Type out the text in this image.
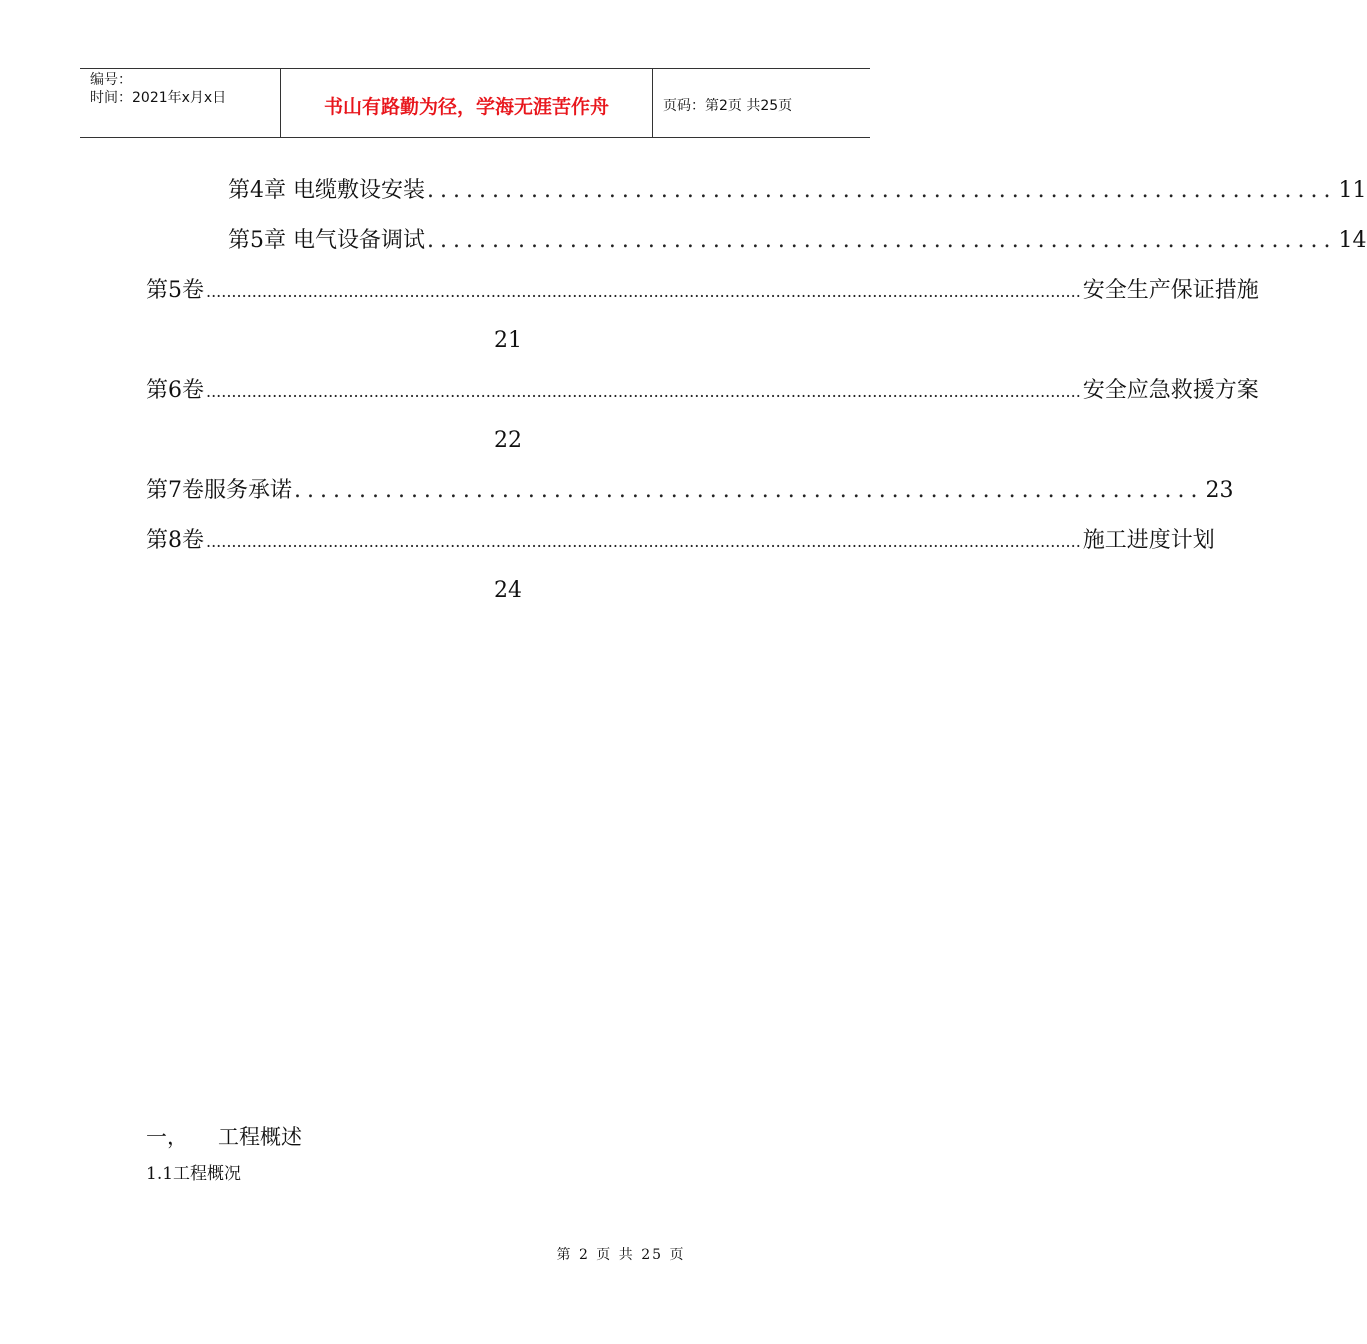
编号：
时间：2021年x月x日	书山有路勤为径，学海无涯苦作舟	页码：第2页 共25页
第4章 电缆敷设安装 ...................................................................... 11
第5章 电气设备调试 ...................................................................... 14
第5卷 ............................................................................................................................................................................ 安全生产保证措施
21
第6卷 ............................................................................................................................................................................ 安全应急救援方案
22
第7卷服务承诺 ...................................................................... 23
第8卷 ............................................................................................................................................................................ 施工进度计划
24
一， 工程概述
1.1工程概况
第 2 页 共 25 页
